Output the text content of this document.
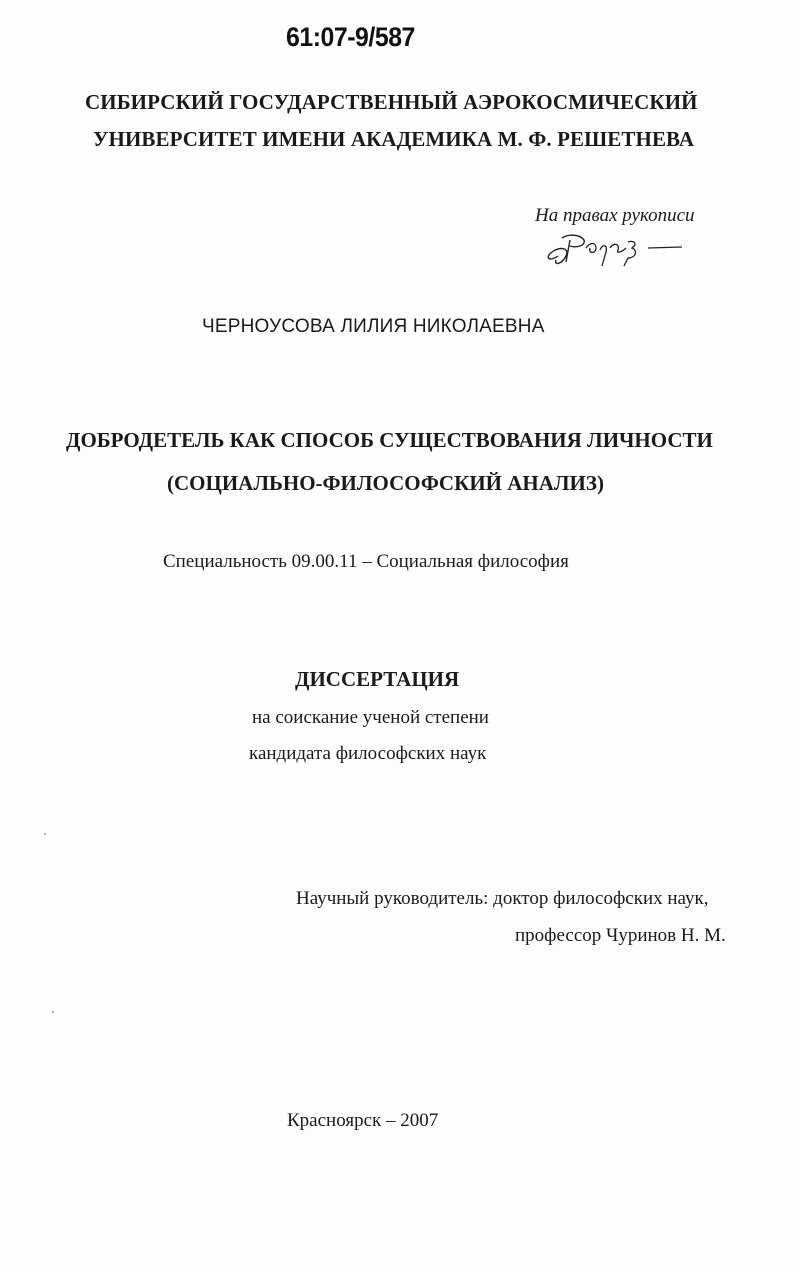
61:07-9/587
СИБИРСКИЙ ГОСУДАРСТВЕННЫЙ АЭРОКОСМИЧЕСКИЙ
УНИВЕРСИТЕТ ИМЕНИ АКАДЕМИКА М. Ф. РЕШЕТНЕВА
На правах рукописи
ЧЕРНОУСОВА ЛИЛИЯ НИКОЛАЕВНА
ДОБРОДЕТЕЛЬ КАК СПОСОБ СУЩЕСТВОВАНИЯ ЛИЧНОСТИ
(СОЦИАЛЬНО-ФИЛОСОФСКИЙ АНАЛИЗ)
Специальность 09.00.11 – Социальная философия
ДИССЕРТАЦИЯ
на соискание ученой степени
кандидата философских наук
Научный руководитель: доктор философских наук,
профессор Чуринов Н. М.
Красноярск – 2007
